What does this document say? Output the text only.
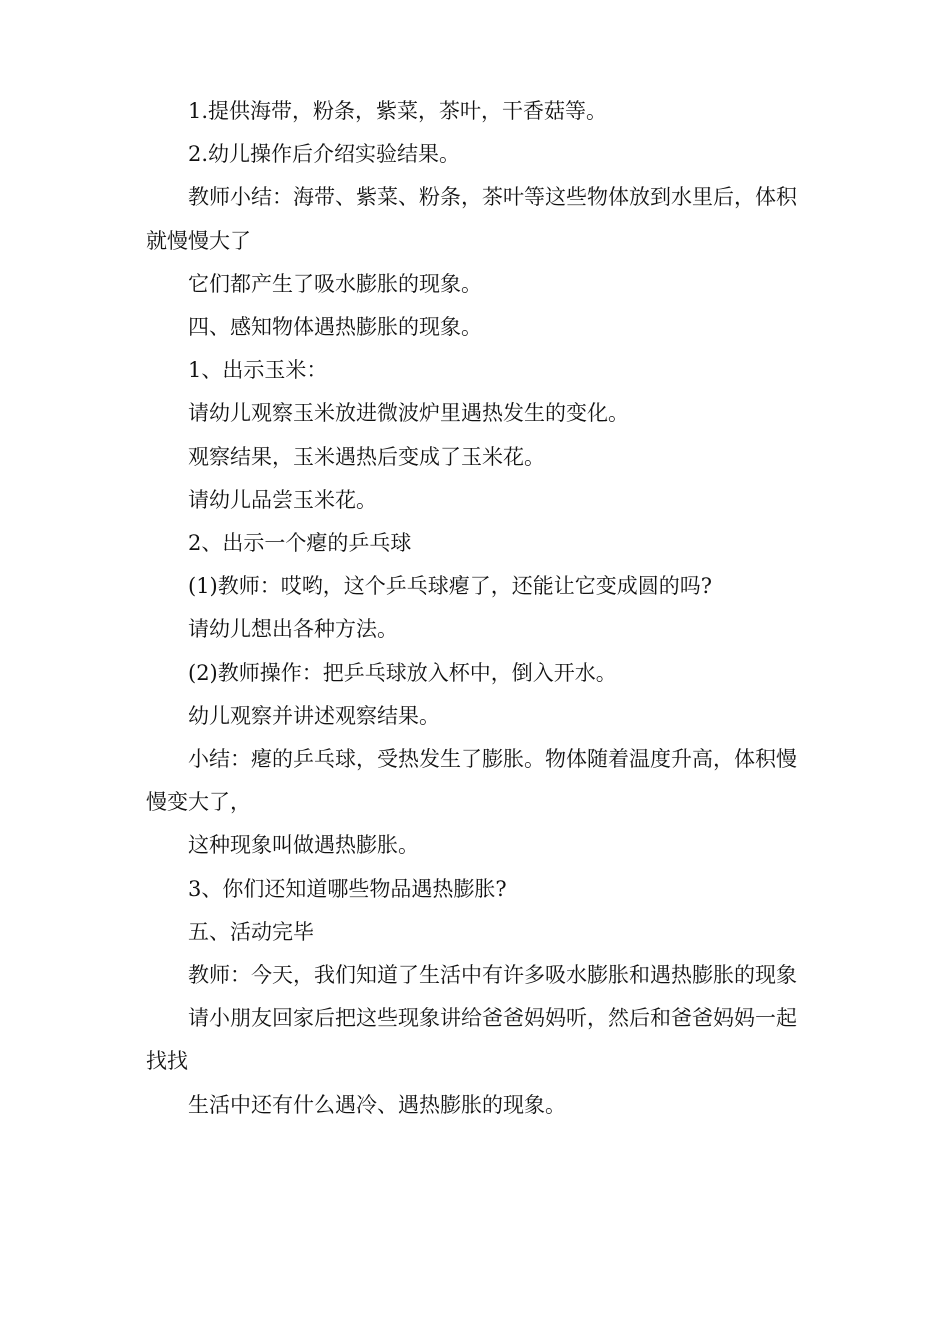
1.提供海带，粉条，紫菜，茶叶，干香菇等。

2.幼儿操作后介绍实验结果。

教师小结：海带、紫菜、粉条，茶叶等这些物体放到水里后，体积就慢慢大了

它们都产生了吸水膨胀的现象。

四、感知物体遇热膨胀的现象。

1、出示玉米：

请幼儿观察玉米放进微波炉里遇热发生的变化。

观察结果，玉米遇热后变成了玉米花。

请幼儿品尝玉米花。

2、出示一个瘪的乒乓球

(1)教师：哎哟，这个乒乓球瘪了，还能让它变成圆的吗?

请幼儿想出各种方法。

(2)教师操作：把乒乓球放入杯中，倒入开水。

幼儿观察并讲述观察结果。

小结：瘪的乒乓球，受热发生了膨胀。物体随着温度升高，体积慢慢变大了，

这种现象叫做遇热膨胀。

3、你们还知道哪些物品遇热膨胀?

五、活动完毕

教师：今天，我们知道了生活中有许多吸水膨胀和遇热膨胀的现象

请小朋友回家后把这些现象讲给爸爸妈妈听，然后和爸爸妈妈一起找找

生活中还有什么遇冷、遇热膨胀的现象。
